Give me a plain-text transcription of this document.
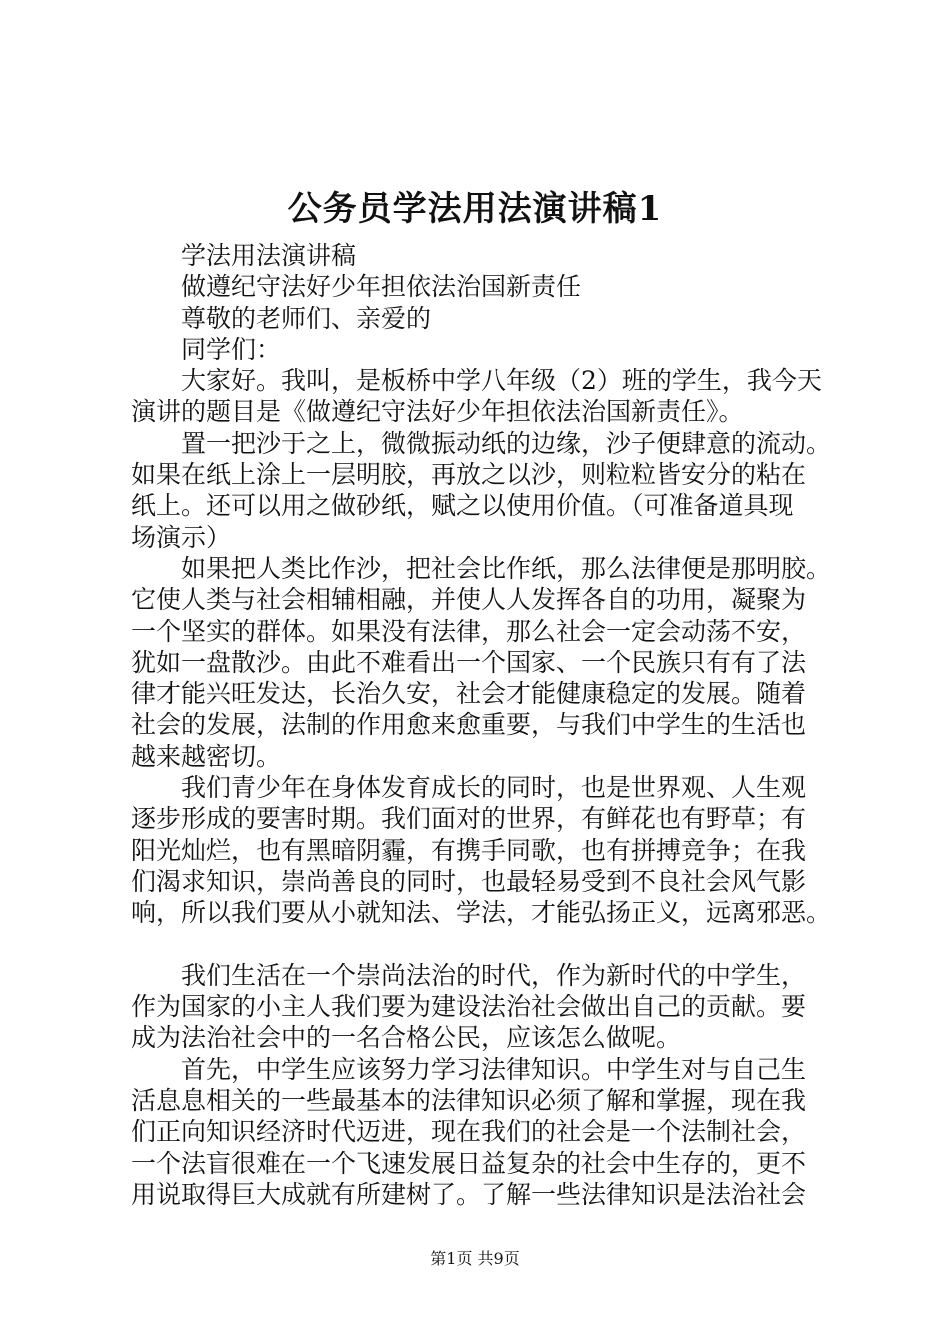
公务员学法用法演讲稿1
学法用法演讲稿
做遵纪守法好少年担依法治国新责任
尊敬的老师们、亲爱的
同学们：
大家好。我叫，是板桥中学八年级（2）班的学生，我今天
演讲的题目是《做遵纪守法好少年担依法治国新责任》。
置一把沙于之上，微微振动纸的边缘，沙子便肆意的流动。
如果在纸上涂上一层明胶，再放之以沙，则粒粒皆安分的粘在
纸上。还可以用之做砂纸，赋之以使用价值。（可准备道具现
场演示）
如果把人类比作沙，把社会比作纸，那么法律便是那明胶。
它使人类与社会相辅相融，并使人人发挥各自的功用，凝聚为
一个坚实的群体。如果没有法律，那么社会一定会动荡不安，
犹如一盘散沙。由此不难看出一个国家、一个民族只有有了法
律才能兴旺发达，长治久安，社会才能健康稳定的发展。随着
社会的发展，法制的作用愈来愈重要，与我们中学生的生活也
越来越密切。
我们青少年在身体发育成长的同时，也是世界观、人生观
逐步形成的要害时期。我们面对的世界，有鲜花也有野草；有
阳光灿烂，也有黑暗阴霾，有携手同歌，也有拼搏竞争；在我
们渴求知识，崇尚善良的同时，也最轻易受到不良社会风气影
响，所以我们要从小就知法、学法，才能弘扬正义，远离邪恶。
我们生活在一个崇尚法治的时代，作为新时代的中学生，
作为国家的小主人我们要为建设法治社会做出自己的贡献。要
成为法治社会中的一名合格公民，应该怎么做呢。
首先，中学生应该努力学习法律知识。中学生对与自己生
活息息相关的一些最基本的法律知识必须了解和掌握，现在我
们正向知识经济时代迈进，现在我们的社会是一个法制社会，
一个法盲很难在一个飞速发展日益复杂的社会中生存的，更不
用说取得巨大成就有所建树了。了解一些法律知识是法治社会
第1页 共9页
